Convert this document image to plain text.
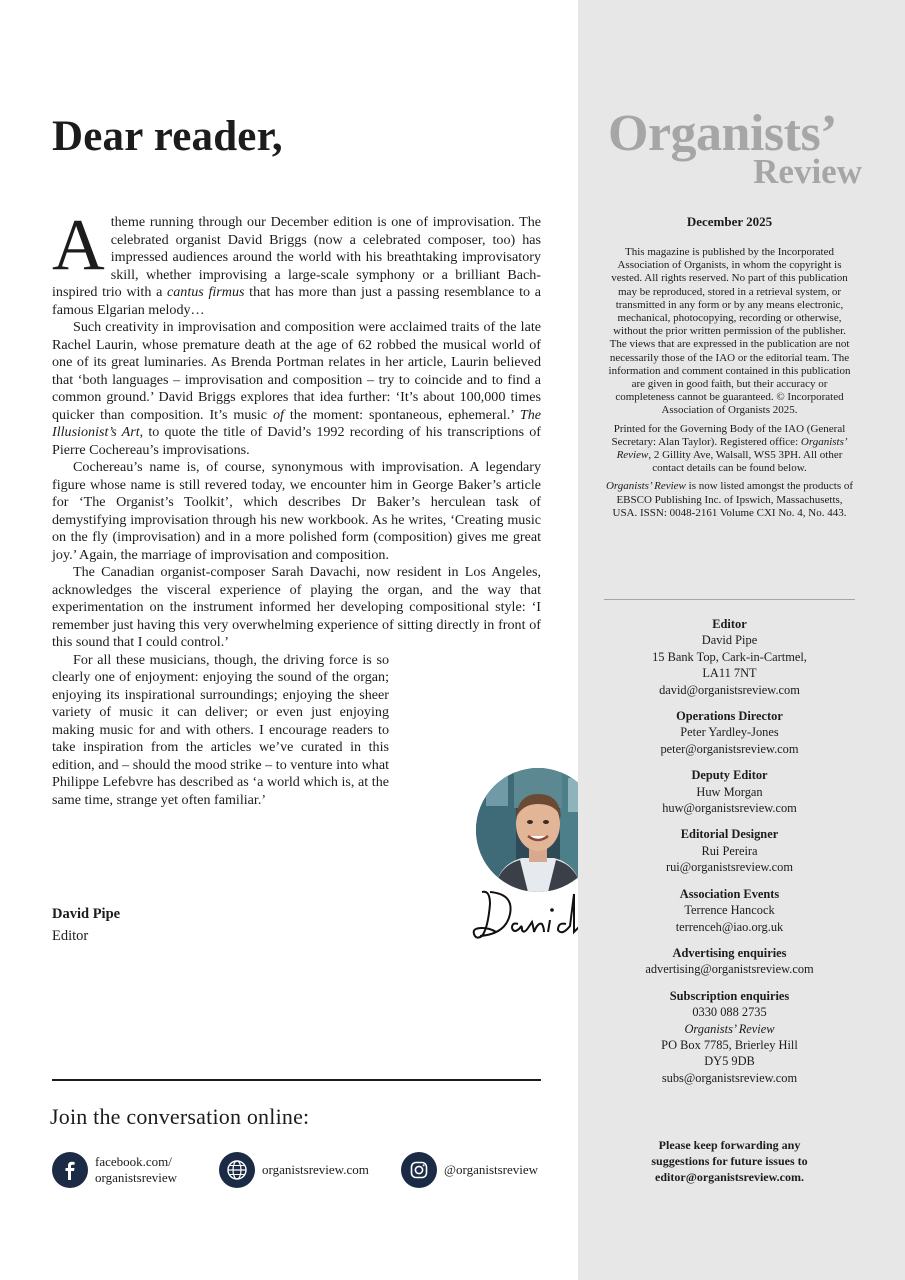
Dear reader,

A theme running through our December edition is one of improvisation. The celebrated organist David Briggs (now a celebrated composer, too) has impressed audiences around the world with his breathtaking improvisatory skill, whether improvising a large-scale symphony or a brilliant Bach-inspired trio with a cantus firmus that has more than just a passing resemblance to a famous Elgarian melody…

Such creativity in improvisation and composition were acclaimed traits of the late Rachel Laurin, whose premature death at the age of 62 robbed the musical world of one of its great luminaries. As Brenda Portman relates in her article, Laurin believed that ‘both languages – improvisation and composition – try to coincide and to find a common ground.’ David Briggs explores that idea further: ‘It’s about 100,000 times quicker than composition. It’s music of the moment: spontaneous, ephemeral.’ The Illusionist’s Art, to quote the title of David’s 1992 recording of his transcriptions of Pierre Cochereau’s improvisations.

Cochereau’s name is, of course, synonymous with improvisation. A legendary figure whose name is still revered today, we encounter him in George Baker’s article for ‘The Organist’s Toolkit’, which describes Dr Baker’s herculean task of demystifying improvisation through his new workbook. As he writes, ‘Creating music on the fly (improvisation) and in a more polished form (composition) gives me great joy.’ Again, the marriage of improvisation and composition.

The Canadian organist-composer Sarah Davachi, now resident in Los Angeles, acknowledges the visceral experience of playing the organ, and the way that experimentation on the instrument informed her developing compositional style: ‘I remember just having this very overwhelming experience of sitting directly in front of this sound that I could control.’

For all these musicians, though, the driving force is so clearly one of enjoyment: enjoying the sound of the organ; enjoying its inspirational surroundings; enjoying the sheer variety of music it can deliver; or even just enjoying making music for and with others. I encourage readers to take inspiration from the articles we’ve curated in this edition, and – should the mood strike – to venture into what Philippe Lefebvre has described as ‘a world which is, at the same time, strange yet often familiar.’

David Pipe
Editor
Join the conversation online:
facebook.com/
organistsreview
organistsreview.com	@organistsreview
Organists’
Review
December 2025

This magazine is published by the Incorporated Association of Organists, in whom the copyright is vested. All rights reserved. No part of this publication may be reproduced, stored in a retrieval system, or transmitted in any form or by any means electronic, mechanical, photocopying, recording or otherwise, without the prior written permission of the publisher. The views that are expressed in the publication are not necessarily those of the IAO or the editorial team. The information and comment contained in this publication are given in good faith, but their accuracy or completeness cannot be guaranteed. © Incorporated Association of Organists 2025.

Printed for the Governing Body of the IAO (General Secretary: Alan Taylor). Registered office: Organists’ Review, 2 Gillity Ave, Walsall, WS5 3PH. All other contact details can be found below.

Organists’ Review is now listed amongst the products of EBSCO Publishing Inc. of Ipswich, Massachusetts, USA. ISSN: 0048-2161 Volume CXI No. 4, No. 443.

Editor
David Pipe
15 Bank Top, Cark-in-Cartmel,
LA11 7NT
david@organistsreview.com
Operations Director
Peter Yardley-Jones
peter@organistsreview.com
Deputy Editor
Huw Morgan
huw@organistsreview.com
Editorial Designer
Rui Pereira
rui@organistsreview.com
Association Events
Terrence Hancock
terrenceh@iao.org.uk
Advertising enquiries
advertising@organistsreview.com
Subscription enquiries
0330 088 2735
Organists’ Review
PO Box 7785, Brierley Hill
DY5 9DB
subs@organistsreview.com
Please keep forwarding any
suggestions for future issues to
editor@organistsreview.com.
